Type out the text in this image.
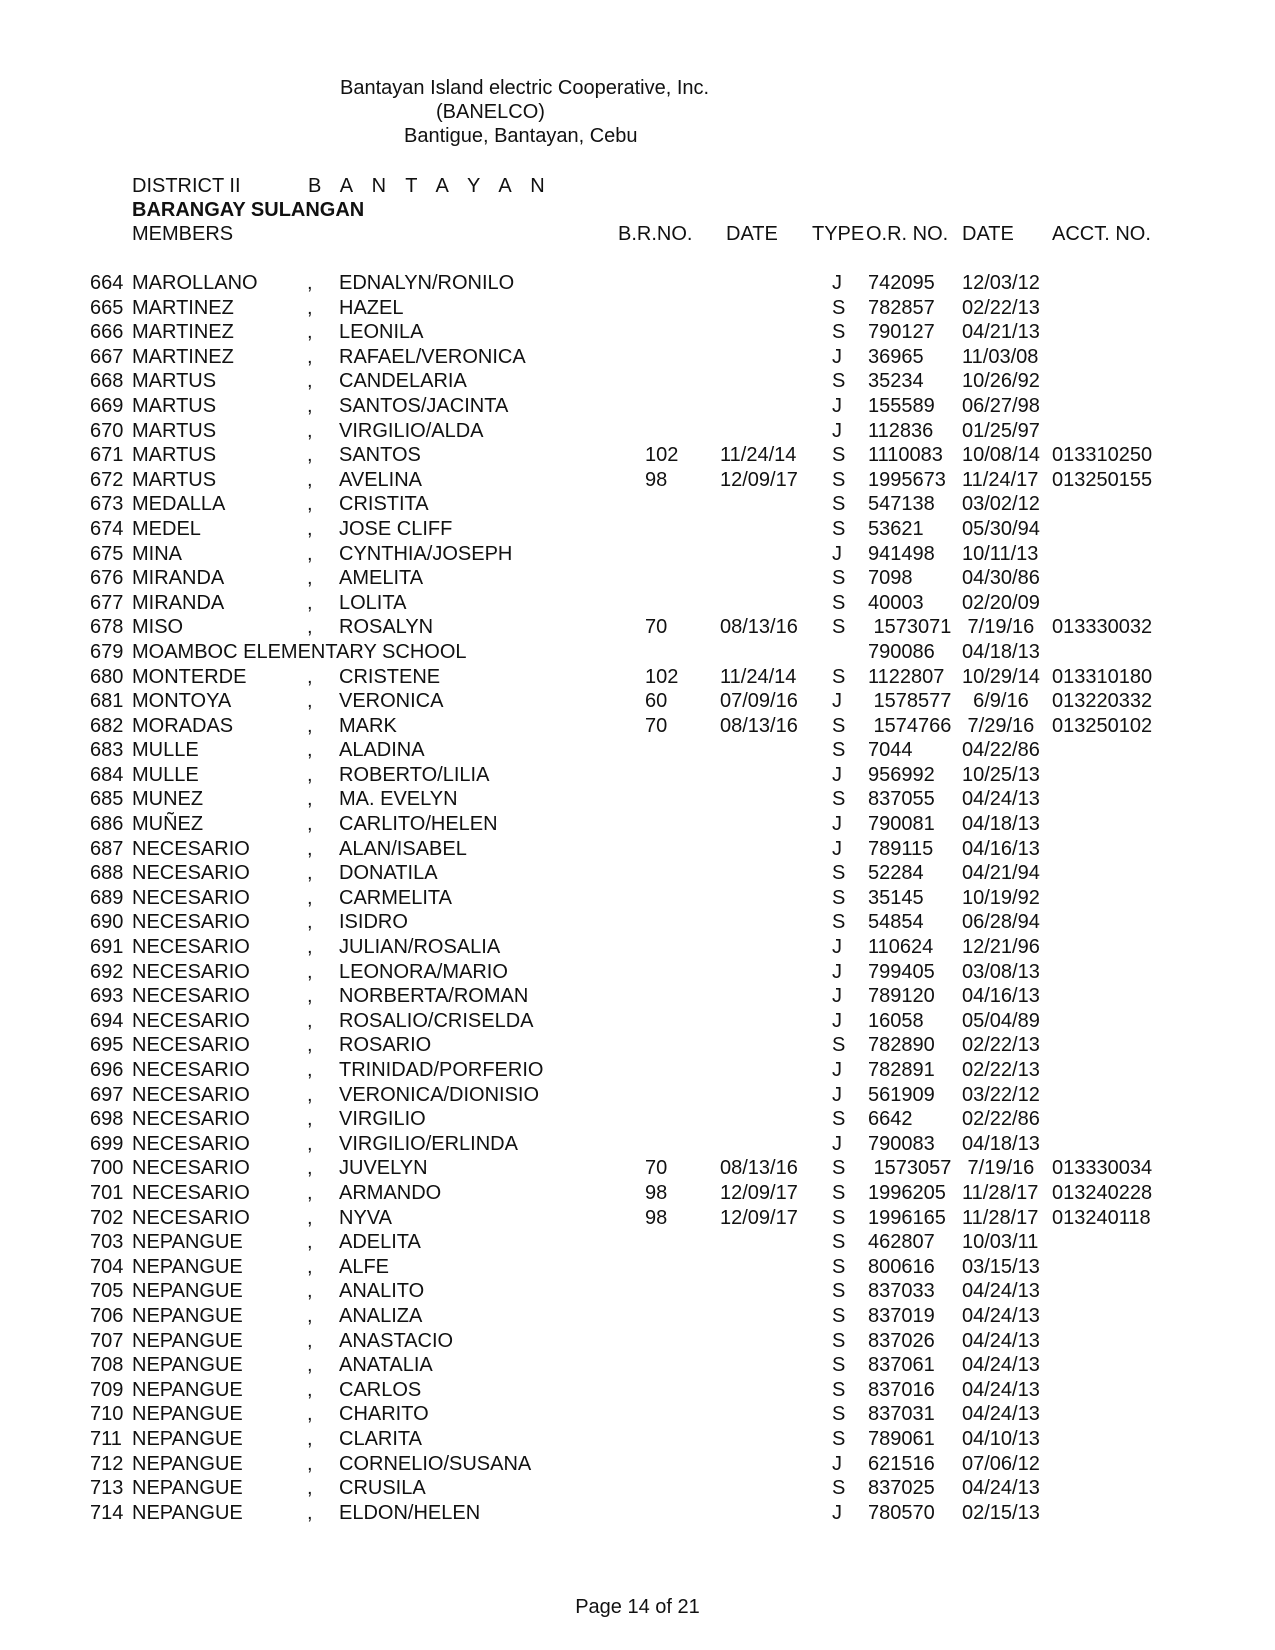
Bantayan Island electric Cooperative, Inc.
(BANELCO)
Bantigue, Bantayan, Cebu
DISTRICT II	B A N T A Y A N
BARANGAY SULANGAN
MEMBERS	B.R.NO. DATE TYPE O.R. NO. DATE ACCT. NO.
664 MAROLLANO , EDNALYN/RONILO	J 742095 12/03/12
665 MARTINEZ	, HAZEL	S 782857 02/22/13
666 MARTINEZ	, LEONILA	S 790127 04/21/13
667 MARTINEZ	, RAFAEL/VERONICA	J 36965 11/03/08
668 MARTUS	, CANDELARIA	S 35234 10/26/92
669 MARTUS	, SANTOS/JACINTA	J 155589 06/27/98
670 MARTUS	, VIRGILIO/ALDA	J 112836 01/25/97
671 MARTUS	, SANTOS	102 11/24/14 S 1110083 10/08/14 013310250
672 MARTUS	, AVELINA	98	12/09/17 S 1995673 11/24/17 013250155
673 MEDALLA	, CRISTITA	S 547138 03/02/12
674 MEDEL	, JOSE CLIFF	S 53621 05/30/94
675 MINA	, CYNTHIA/JOSEPH	J 941498 10/11/13
676 MIRANDA	, AMELITA	S 7098 04/30/86
677 MIRANDA	, LOLITA	S 40003 02/20/09
678 MISO	, ROSALYN	70	08/13/16 S 1573071 7/19/16 013330032
679 MOAMBOC ELEMENTARY SCHOOL	790086 04/18/13
680 MONTERDE	, CRISTENE	102 11/24/14 S 1122807 10/29/14 013310180
681 MONTOYA	, VERONICA	60	07/09/16 J 1578577 6/9/16 013220332
682 MORADAS	, MARK	70	08/13/16 S 1574766 7/29/16 013250102
683 MULLE	, ALADINA	S 7044 04/22/86
684 MULLE	, ROBERTO/LILIA	J 956992 10/25/13
685 MUNEZ	, MA. EVELYN	S 837055 04/24/13
686 MUÑEZ	, CARLITO/HELEN	J 790081 04/18/13
687 NECESARIO	, ALAN/ISABEL	J 789115 04/16/13
688 NECESARIO	, DONATILA	S 52284 04/21/94
689 NECESARIO	, CARMELITA	S 35145 10/19/92
690 NECESARIO	, ISIDRO	S 54854 06/28/94
691 NECESARIO	, JULIAN/ROSALIA	J 110624 12/21/96
692 NECESARIO	, LEONORA/MARIO	J 799405 03/08/13
693 NECESARIO	, NORBERTA/ROMAN	J 789120 04/16/13
694 NECESARIO	, ROSALIO/CRISELDA	J 16058 05/04/89
695 NECESARIO	, ROSARIO	S 782890 02/22/13
696 NECESARIO	, TRINIDAD/PORFERIO	J 782891 02/22/13
697 NECESARIO	, VERONICA/DIONISIO	J 561909 03/22/12
698 NECESARIO	, VIRGILIO	S 6642 02/22/86
699 NECESARIO	, VIRGILIO/ERLINDA	J 790083 04/18/13
700 NECESARIO	, JUVELYN	70	08/13/16 S 1573057 7/19/16 013330034
701 NECESARIO	, ARMANDO	98	12/09/17 S 1996205 11/28/17 013240228
702 NECESARIO	, NYVA	98	12/09/17 S 1996165 11/28/17 013240118
703 NEPANGUE	, ADELITA	S 462807 10/03/11
704 NEPANGUE	, ALFE	S 800616 03/15/13
705 NEPANGUE	, ANALITO	S 837033 04/24/13
706 NEPANGUE	, ANALIZA	S 837019 04/24/13
707 NEPANGUE	, ANASTACIO	S 837026 04/24/13
708 NEPANGUE	, ANATALIA	S 837061 04/24/13
709 NEPANGUE	, CARLOS	S 837016 04/24/13
710 NEPANGUE	, CHARITO	S 837031 04/24/13
711 NEPANGUE	, CLARITA	S 789061 04/10/13
712 NEPANGUE	, CORNELIO/SUSANA	J 621516 07/06/12
713 NEPANGUE	, CRUSILA	S 837025 04/24/13
714 NEPANGUE	, ELDON/HELEN	J 780570 02/15/13
Page 14 of 21
